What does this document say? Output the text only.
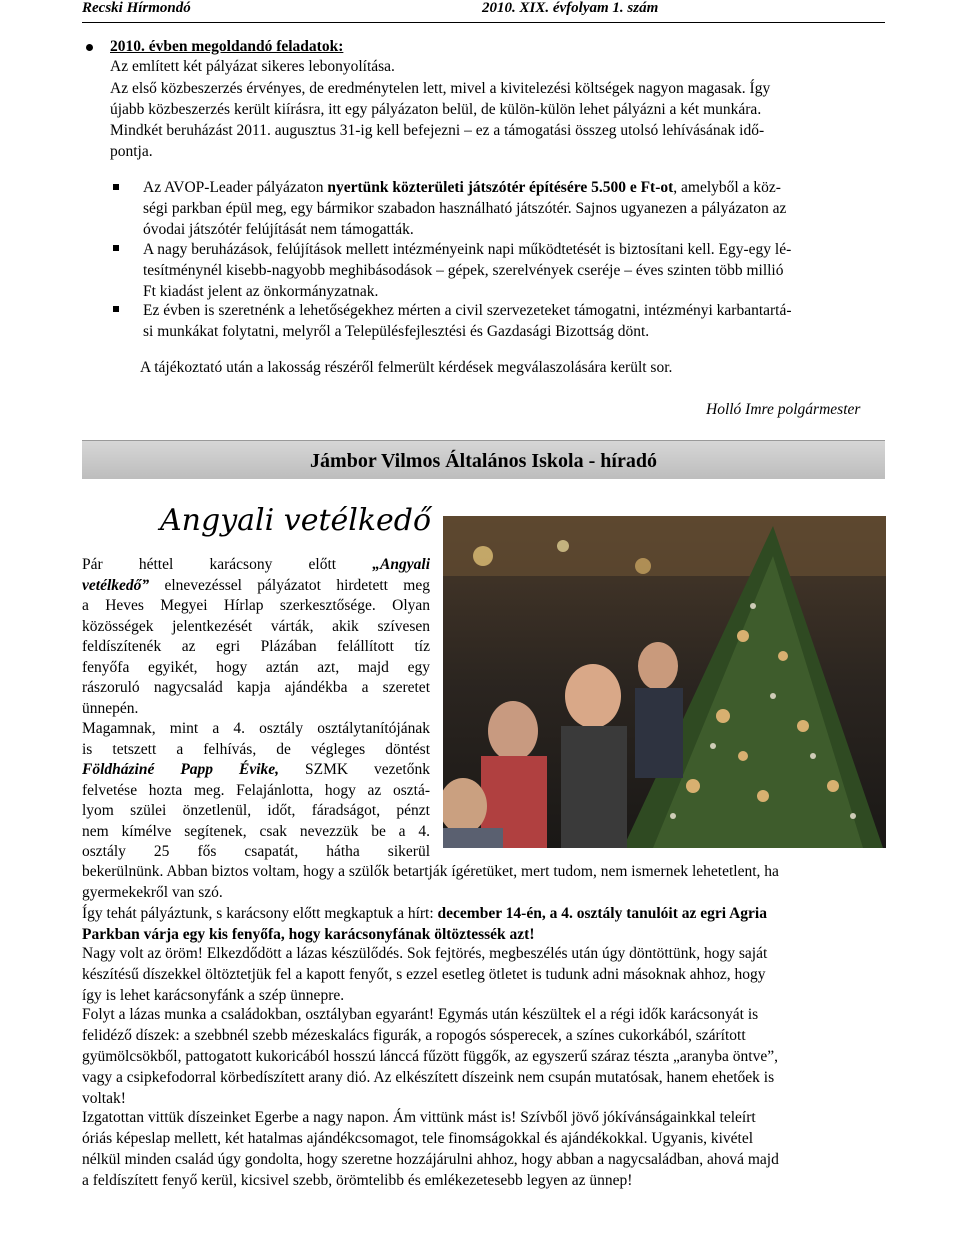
Recski Hírmondó	2010. XIX. évfolyam 1. szám
2010. évben megoldandó feladatok:
Az említett két pályázat sikeres lebonyolítása.
Az első közbeszerzés érvényes, de eredménytelen lett, mivel a kivitelezési költségek nagyon magasak. Így
újabb közbeszerzés került kiírásra, itt egy pályázaton belül, de külön-külön lehet pályázni a két munkára.
Mindkét beruházást 2011. augusztus 31-ig kell befejezni – ez a támogatási összeg utolsó lehívásának idő-
pontja.
Az AVOP-Leader pályázaton nyertünk közterületi játszótér építésére 5.500 e Ft-ot, amelyből a köz-
ségi parkban épül meg, egy bármikor szabadon használható játszótér. Sajnos ugyanezen a pályázaton az
óvodai játszótér felújítását nem támogatták.
A nagy beruházások, felújítások mellett intézményeink napi működtetését is biztosítani kell. Egy-egy lé-
tesítménynél kisebb-nagyobb meghibásodások – gépek, szerelvények cseréje – éves szinten több millió
Ft kiadást jelent az önkormányzatnak.
Ez évben is szeretnénk a lehetőségekhez mérten a civil szervezeteket támogatni, intézményi karbantartá-
si munkákat folytatni, melyről a Településfejlesztési és Gazdasági Bizottság dönt.
A tájékoztató után a lakosság részéről felmerült kérdések megválaszolására került sor.
Holló Imre polgármester
Jámbor Vilmos Általános Iskola - híradó
Angyali vetélkedő
Pár héttel karácsony előtt „Angyali
vetélkedő” elnevezéssel pályázatot hirdetett meg
a Heves Megyei Hírlap szerkesztősége. Olyan
közösségek jelentkezését várták, akik szívesen
feldíszítenék az egri Plázában felállított tíz
fenyőfa egyikét, hogy aztán azt, majd egy
rászoruló nagycsalád kapja ajándékba a szeretet
ünnepén.
Magamnak, mint a 4. osztály osztálytanítójának
is tetszett a felhívás, de végleges döntést
Földháziné Papp Évike, SZMK vezetőnk
felvetése hozta meg. Felajánlotta, hogy az osztá-
lyom szülei önzetlenül, időt, fáradságot, pénzt
nem kímélve segítenek, csak nevezzük be a 4.
osztály 25 fős csapatát, hátha sikerül
bekerülnünk. Abban biztos voltam, hogy a szülők betartják ígéretüket, mert tudom, nem ismernek lehetetlent, ha
gyermekekről van szó.
Így tehát pályáztunk, s karácsony előtt megkaptuk a hírt: december 14-én, a 4. osztály tanulóit az egri Agria
Parkban várja egy kis fenyőfa, hogy karácsonyfának öltöztessék azt!
Nagy volt az öröm! Elkezdődött a lázas készülődés. Sok fejtörés, megbeszélés után úgy döntöttünk, hogy saját
készítésű díszekkel öltöztetjük fel a kapott fenyőt, s ezzel esetleg ötletet is tudunk adni másoknak ahhoz, hogy
így is lehet karácsonyfánk a szép ünnepre.
Folyt a lázas munka a családokban, osztályban egyaránt! Egymás után készültek el a régi idők karácsonyát is
felidéző díszek: a szebbnél szebb mézeskalács figurák, a ropogós sósperecek, a színes cukorkából, szárított
gyümölcsökből, pattogatott kukoricából hosszú lánccá fűzött függők, az egyszerű száraz tészta „aranyba öntve”,
vagy a csipkefodorral körbedíszített arany dió. Az elkészített díszeink nem csupán mutatósak, hanem ehetőek is
voltak!
Izgatottan vittük díszeinket Egerbe a nagy napon. Ám vittünk mást is! Szívből jövő jókívánságainkkal teleírt
óriás képeslap mellett, két hatalmas ajándékcsomagot, tele finomságokkal és ajándékokkal. Ugyanis, kivétel
nélkül minden család úgy gondolta, hogy szeretne hozzájárulni ahhoz, hogy abban a nagycsaládban, ahová majd
a feldíszített fenyő kerül, kicsivel szebb, örömtelibb és emlékezetesebb legyen az ünnep!
